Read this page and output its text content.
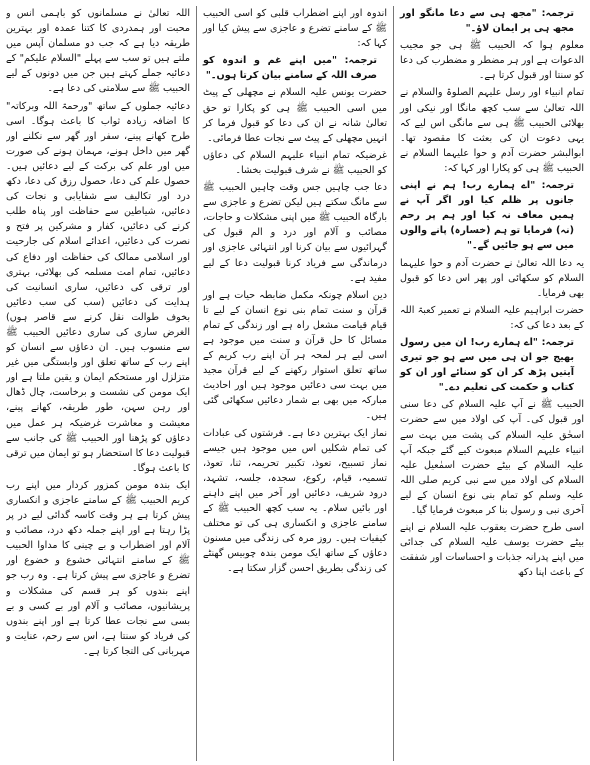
ترجمہ: "مجھ ہی سے دعا مانگو اور مجھ ہی پر ایمان لاؤ۔"

معلوم ہوا کہ الحبیب ﷺ ہی جو مجیب الدعوات ہے اور ہر مضطر و مضطرب کی دعا کو سنتا اور قبول کرتا ہے۔

تمام انبیاء اور رسل علیہم الصلوۃ والسلام نے اللہ تعالیٰ سے سب کچھ مانگا اور نیکی اور بھلائی الحبیب ﷺ ہی سے مانگی اس لیے کہ یہی دعوت ان کی بعثت کا مقصود تھا۔ ابوالبشر حضرت آدم و حوا علیہما السلام نے الحبیب ﷺ ہی کو پکارا اور کہا کہ:

ترجمہ: "اے ہمارے رب! ہم نے اپنی جانوں پر ظلم کیا اور اگر آپ نے ہمیں معاف نہ کیا اور ہم پر رحم (نہ) فرمایا تو ہم (خسارہ) پانے والوں میں سے ہو جائیں گے۔"

یہ دعا اللہ تعالیٰ نے حضرت آدم و حوا علیہما السلام کو سکھائی اور پھر اس دعا کو قبول بھی فرمایا۔

حضرت ابراہیم علیہ السلام نے تعمیر کعبۃ اللہ کے بعد دعا کی کہ:

ترجمہ: "اے ہمارے رب! ان میں رسول بھیج جو ان ہی میں سے ہو جو تیری آیتیں پڑھ کر ان کو سنائے اور ان کو کتاب و حکمت کی تعلیم دے۔"

الحبیب ﷺ نے آپ علیہ السلام کی دعا سنی اور قبول کی۔ آپ کی اولاد میں سے حضرت اسحٰق علیہ السلام کی پشت میں بہت سے انبیاء علیہم السلام مبعوث کیے گئے جبکہ آپ علیہ السلام کے بیٹے حضرت اسمٰعیل علیہ السلام کی اولاد میں سے نبی کریم صلی اللہ علیہ وسلم کو تمام بنی نوع انسان کے لیے آخری نبی و رسول بنا کر مبعوث فرمایا گیا۔

اسی طرح حضرت یعقوب علیہ السلام نے اپنے بیٹے حضرت یوسف علیہ السلام کی جدائی میں اپنے پدرانہ جذبات و احساسات اور شفقت کے باعث اپنا دکھ

اندوہ اور اپنے اضطراب قلبی کو اسی الحبیب ﷺ کے سامنے تضرع و عاجزی سے پیش کیا اور کہا کہ:

ترجمہ: "میں اپنے غم و اندوہ کو صرف اللہ کے سامنے بیان کرتا ہوں۔"

حضرت یونس علیہ السلام نے مچھلی کے پیٹ میں اسی الحبیب ﷺ ہی کو پکارا تو حق تعالیٰ شانہ نے ان کی دعا کو قبول فرما کر انہیں مچھلی کے پیٹ سے نجات عطا فرمائی۔

غرضیکہ تمام انبیاء علیہم السلام کی دعاؤں کو الحبیب ﷺ نے شرف قبولیت بخشا۔

دعا جب چاہیں جس وقت چاہیں الحبیب ﷺ سے مانگ سکتے ہیں لیکن تضرع و عاجزی سے بارگاہ الحبیب ﷺ میں اپنی مشکلات و حاجات، مصائب و آلام اور درد و الم قبول کی گہرائیوں سے بیان کرنا اور انتہائی عاجزی اور درماندگی سے فریاد کرنا قبولیت دعا کے لیے مفید ہے۔

دین اسلام چونکہ مکمل ضابطہ حیات ہے اور قرآن و سنت تمام بنی نوع انسان کے لیے تا قیام قیامت مشعل راہ ہے اور زندگی کے تمام مسائل کا حل قرآن و سنت میں موجود ہے اسی لیے ہر لمحہ ہر آن اپنے رب کریم کے ساتھ تعلق استوار رکھنے کے لیے قرآن مجید میں بہت سی دعائیں موجود ہیں اور احادیث مبارکہ میں بھی بے شمار دعائیں سکھائی گئی ہیں۔

نماز ایک بہترین دعا ہے۔ فرشتوں کی عبادات کی تمام شکلیں اس میں موجود ہیں جیسے نماز تسبیح، تعوذ، تکبیر تحریمہ، ثنا، تعوذ، تسمیہ، قیام، رکوع، سجدہ، جلسہ، تشہد، درود شریف، دعائیں اور آخر میں اپنے داہنے اور بائیں سلام۔ یہ سب کچھ الحبیب ﷺ کے سامنے عاجزی و انکساری ہی کی تو مختلف کیفیات ہیں۔ روز مرہ کی زندگی میں مسنون دعاؤں کے ساتھ ایک مومن بندہ چوبیس گھنٹے کی زندگی بطریق احسن گزار سکتا ہے۔

اللہ تعالیٰ نے مسلمانوں کو باہمی انس و محبت اور ہمدردی کا کتنا عمدہ اور بہترین طریقہ دیا ہے کہ جب دو مسلمان آپس میں ملتے ہیں تو سب سے پہلے "السلام علیکم" کے دعائیہ جملے کہتے ہیں جن میں دونوں کے لیے الحبیب ﷺ سے سلامتی کی دعا ہے۔

دعائیہ جملوں کے ساتھ "ورحمۃ اللہ وبرکاتہ" کا اضافہ زیادہ ثواب کا باعث ہوگا۔ اسی طرح کھانے پینے، سفر اور گھر سے نکلنے اور گھر میں داخل ہونے، مہمان ہونے کی صورت میں اور علم کی برکت کے لیے دعائیں ہیں۔ حصول علم کی دعا، حصول رزق کی دعا، دکھ درد اور تکالیف سے شفایابی و نجات کی دعائیں، شیاطین سے حفاظت اور پناہ طلب کرنے کی دعائیں، کفار و مشرکین پر فتح و نصرت کی دعائیں، اعدائے اسلام کی جارحیت اور اسلامی ممالک کی حفاظت اور دفاع کی دعائیں، تمام امت مسلمہ کی بھلائی، بہتری اور ترقی کی دعائیں، ساری انسانیت کی ہدایت کی دعائیں (سب کی سب دعائیں بخوف طوالت نقل کرنے سے قاصر ہوں) الغرض ساری کی ساری دعائیں الحبیب ﷺ سے منسوب ہیں۔ ان دعاؤں سے انسان کو اپنے رب کے ساتھ تعلق اور وابستگی میں غیر متزلزل اور مستحکم ایمان و یقین ملتا ہے اور ایک مومن کی نشست و برخاست، چال ڈھال اور رہن سہن، طور طریقہ، کھانے پینے، معیشت و معاشرت غرضیکہ ہر عمل میں دعاؤں کو پڑھنا اور الحبیب ﷺ کی جانب سے قبولیت دعا کا استحضار ہو تو ایمان میں ترقی کا باعث ہوگا۔

ایک بندہ مومن کمزور کردار میں اپنے رب کریم الحبیب ﷺ کے سامنے عاجزی و انکساری پیش کرتا ہے ہر وقت کاسہ گدائی لیے در پر پڑا رہتا ہے اور اپنے جملہ دکھ درد، مصائب و آلام اور اضطراب و بے چینی کا مداوا الحبیب ﷺ کے سامنے انتہائی خشوع و خضوع اور تضرع و عاجزی سے پیش کرتا ہے۔ وہ رب جو اپنے بندوں کو ہر قسم کی مشکلات و پریشانیوں، مصائب و آلام اور بے کسی و بے بسی سے نجات عطا کرتا ہے اور اپنے بندوں کی فریاد کو سنتا ہے، اس سے رحم، عنایت و مہربانی کی التجا کرتا ہے۔
